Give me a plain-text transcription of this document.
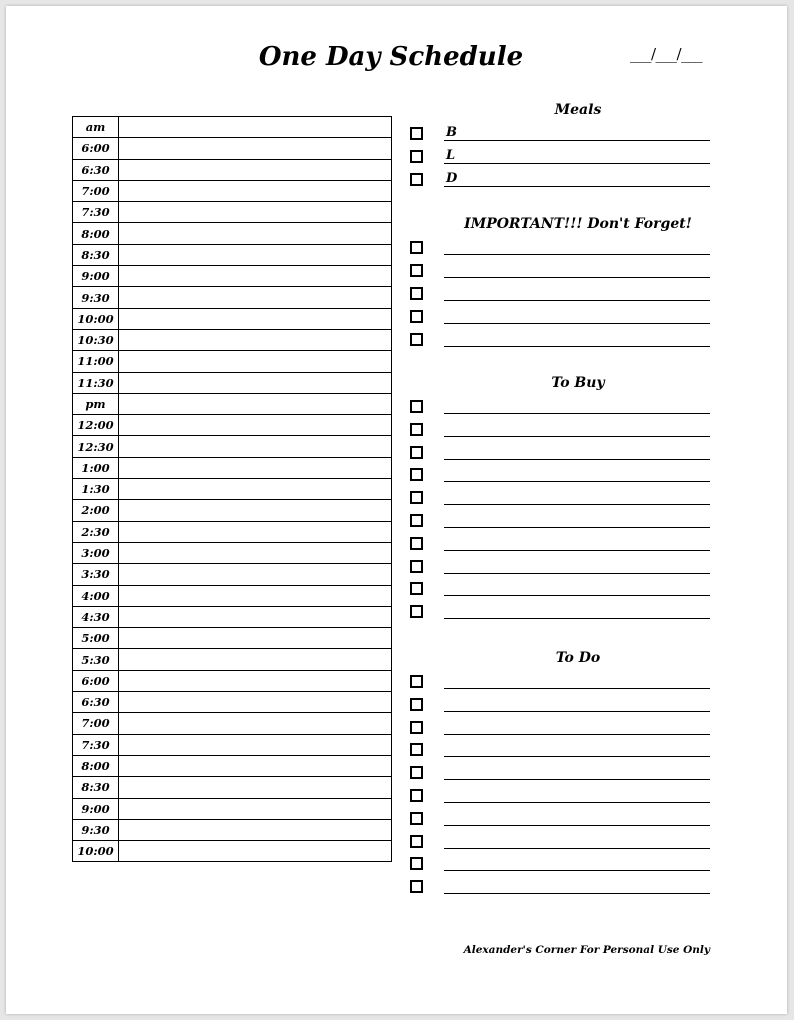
One Day Schedule	___/___/___
am	
6:00	
6:30	
7:00	
7:30	
8:00	
8:30	
9:00	
9:30	
10:00	
10:30	
11:00	
11:30	
pm	
12:00	
12:30	
1:00	
1:30	
2:00	
2:30	
3:00	
3:30	
4:00	
4:30	
5:00	
5:30	
6:00	
6:30	
7:00	
7:30	
8:00	
8:30	
9:00	
9:30	
10:00	
Meals
B
L
D
IMPORTANT!!! Don't Forget!
To Buy
To Do
Alexander's Corner For Personal Use Only
